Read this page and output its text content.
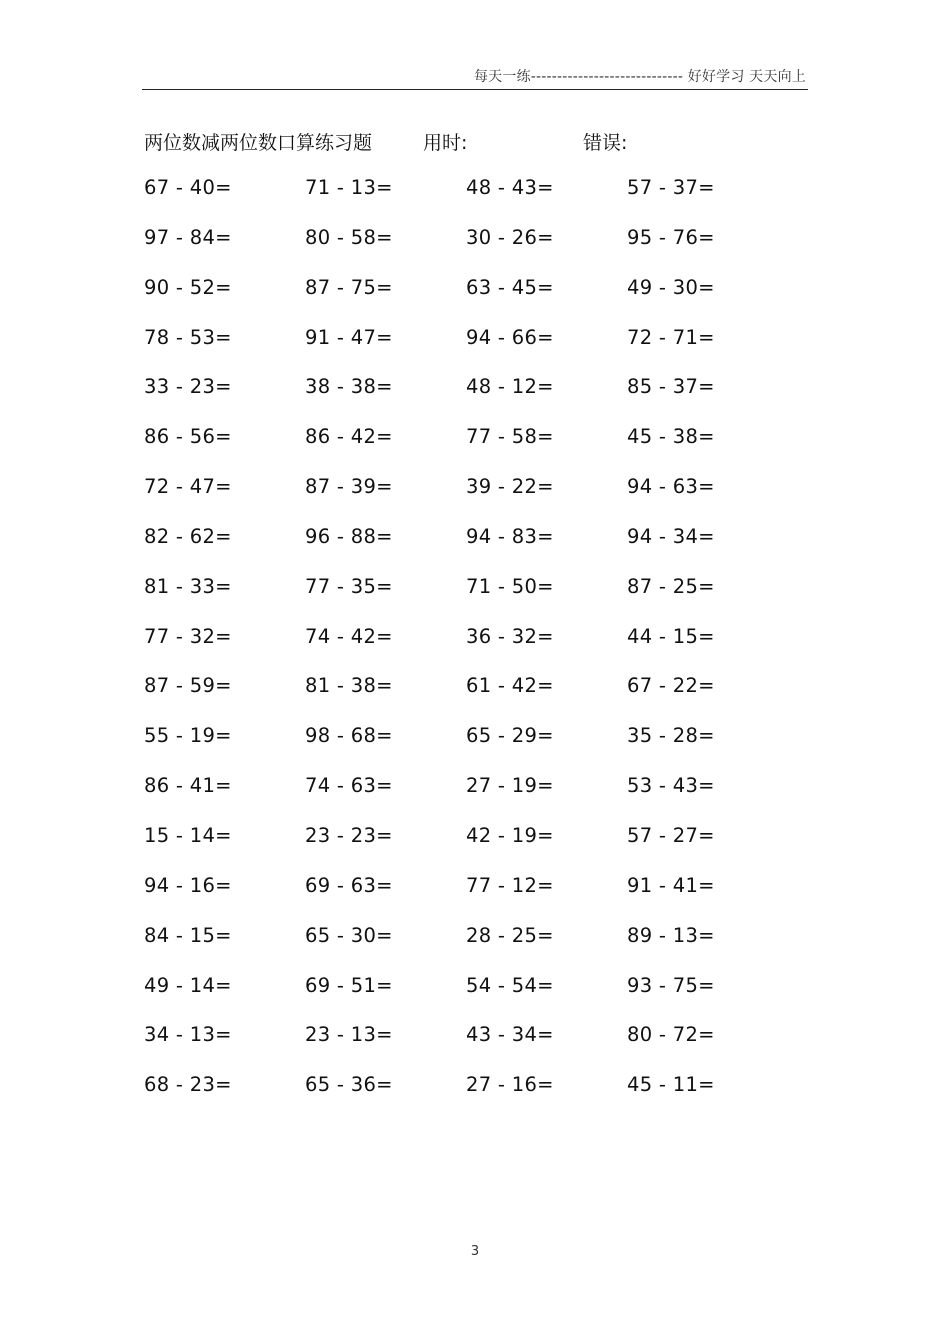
每天一练----------------------------- 好好学习 天天向上
两位数减两位数口算练习题	用时:	错误:
67 - 40=	71 - 13=	48 - 43=	57 - 37=
97 - 84=	80 - 58=	30 - 26=	95 - 76=
90 - 52=	87 - 75=	63 - 45=	49 - 30=
78 - 53=	91 - 47=	94 - 66=	72 - 71=
33 - 23=	38 - 38=	48 - 12=	85 - 37=
86 - 56=	86 - 42=	77 - 58=	45 - 38=
72 - 47=	87 - 39=	39 - 22=	94 - 63=
82 - 62=	96 - 88=	94 - 83=	94 - 34=
81 - 33=	77 - 35=	71 - 50=	87 - 25=
77 - 32=	74 - 42=	36 - 32=	44 - 15=
87 - 59=	81 - 38=	61 - 42=	67 - 22=
55 - 19=	98 - 68=	65 - 29=	35 - 28=
86 - 41=	74 - 63=	27 - 19=	53 - 43=
15 - 14=	23 - 23=	42 - 19=	57 - 27=
94 - 16=	69 - 63=	77 - 12=	91 - 41=
84 - 15=	65 - 30=	28 - 25=	89 - 13=
49 - 14=	69 - 51=	54 - 54=	93 - 75=
34 - 13=	23 - 13=	43 - 34=	80 - 72=
68 - 23=	65 - 36=	27 - 16=	45 - 11=
3
